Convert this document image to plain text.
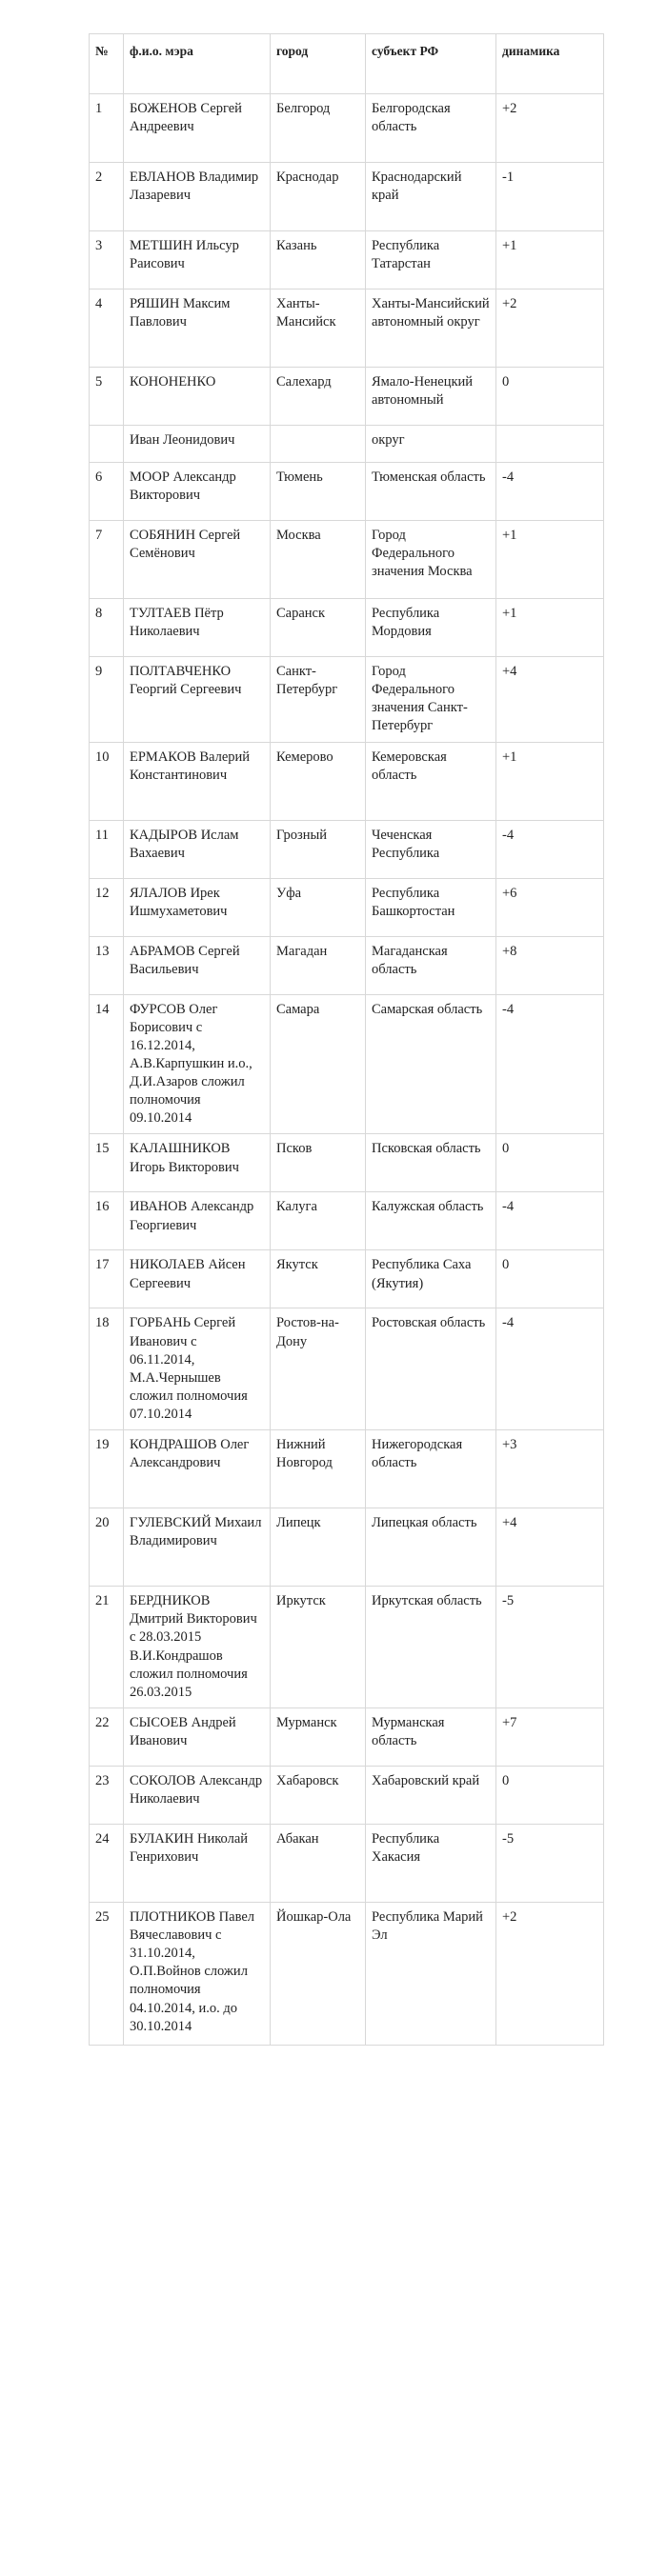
№	ф.и.о. мэра	город	субъект РФ	динамика
1	БОЖЕНОВ Сергей Андреевич	Белгород	Белгородская область	+2
2	ЕВЛАНОВ Владимир Лазаревич	Краснодар	Краснодарский край	-1
3	МЕТШИН Ильсур Раисович	Казань	Республика Татарстан	+1
4	РЯШИН Максим Павлович	Ханты-Мансийск	Ханты-Мансийский автономный округ	+2
5	КОНОНЕНКО	Салехард	Ямало-Ненецкий автономный	0
	Иван Леонидович		округ	
6	МООР Александр Викторович	Тюмень	Тюменская область	-4
7	СОБЯНИН Сергей Семёнович	Москва	Город Федерального значения Москва	+1
8	ТУЛТАЕВ Пётр Николаевич	Саранск	Республика Мордовия	+1
9	ПОЛТАВЧЕНКО Георгий Сергеевич	Санкт-Петербург	Город Федерального значения Санкт-Петербург	+4
10	ЕРМАКОВ Валерий Константинович	Кемерово	Кемеровская область	+1
11	КАДЫРОВ Ислам Вахаевич	Грозный	Чеченская Республика	-4
12	ЯЛАЛОВ Ирек Ишмухаметович	Уфа	Республика Башкортостан	+6
13	АБРАМОВ Сергей Васильевич	Магадан	Магаданская область	+8
14	ФУРСОВ Олег Борисович с 16.12.2014, А.В.Карпушкин и.о., Д.И.Азаров сложил полномочия 09.10.2014	Самара	Самарская область	-4
15	КАЛАШНИКОВ Игорь Викторович	Псков	Псковская область	0
16	ИВАНОВ Александр Георгиевич	Калуга	Калужская область	-4
17	НИКОЛАЕВ Айсен Сергеевич	Якутск	Республика Саха (Якутия)	0
18	ГОРБАНЬ Сергей Иванович с 06.11.2014, М.А.Чернышев сложил полномочия 07.10.2014	Ростов-на-Дону	Ростовская область	-4
19	КОНДРАШОВ Олег Александрович	Нижний Новгород	Нижегородская область	+3
20	ГУЛЕВСКИЙ Михаил Владимирович	Липецк	Липецкая область	+4
21	БЕРДНИКОВ Дмитрий Викторович с 28.03.2015 В.И.Кондрашов сложил полномочия 26.03.2015	Иркутск	Иркутская область	-5
22	СЫСОЕВ Андрей Иванович	Мурманск	Мурманская область	+7
23	СОКОЛОВ Александр Николаевич	Хабаровск	Хабаровский край	0
24	БУЛАКИН Николай Генрихович	Абакан	Республика Хакасия	-5
25	ПЛОТНИКОВ Павел Вячеславович с 31.10.2014, О.П.Войнов сложил полномочия 04.10.2014, и.о. до 30.10.2014	Йошкар-Ола	Республика Марий Эл	+2
